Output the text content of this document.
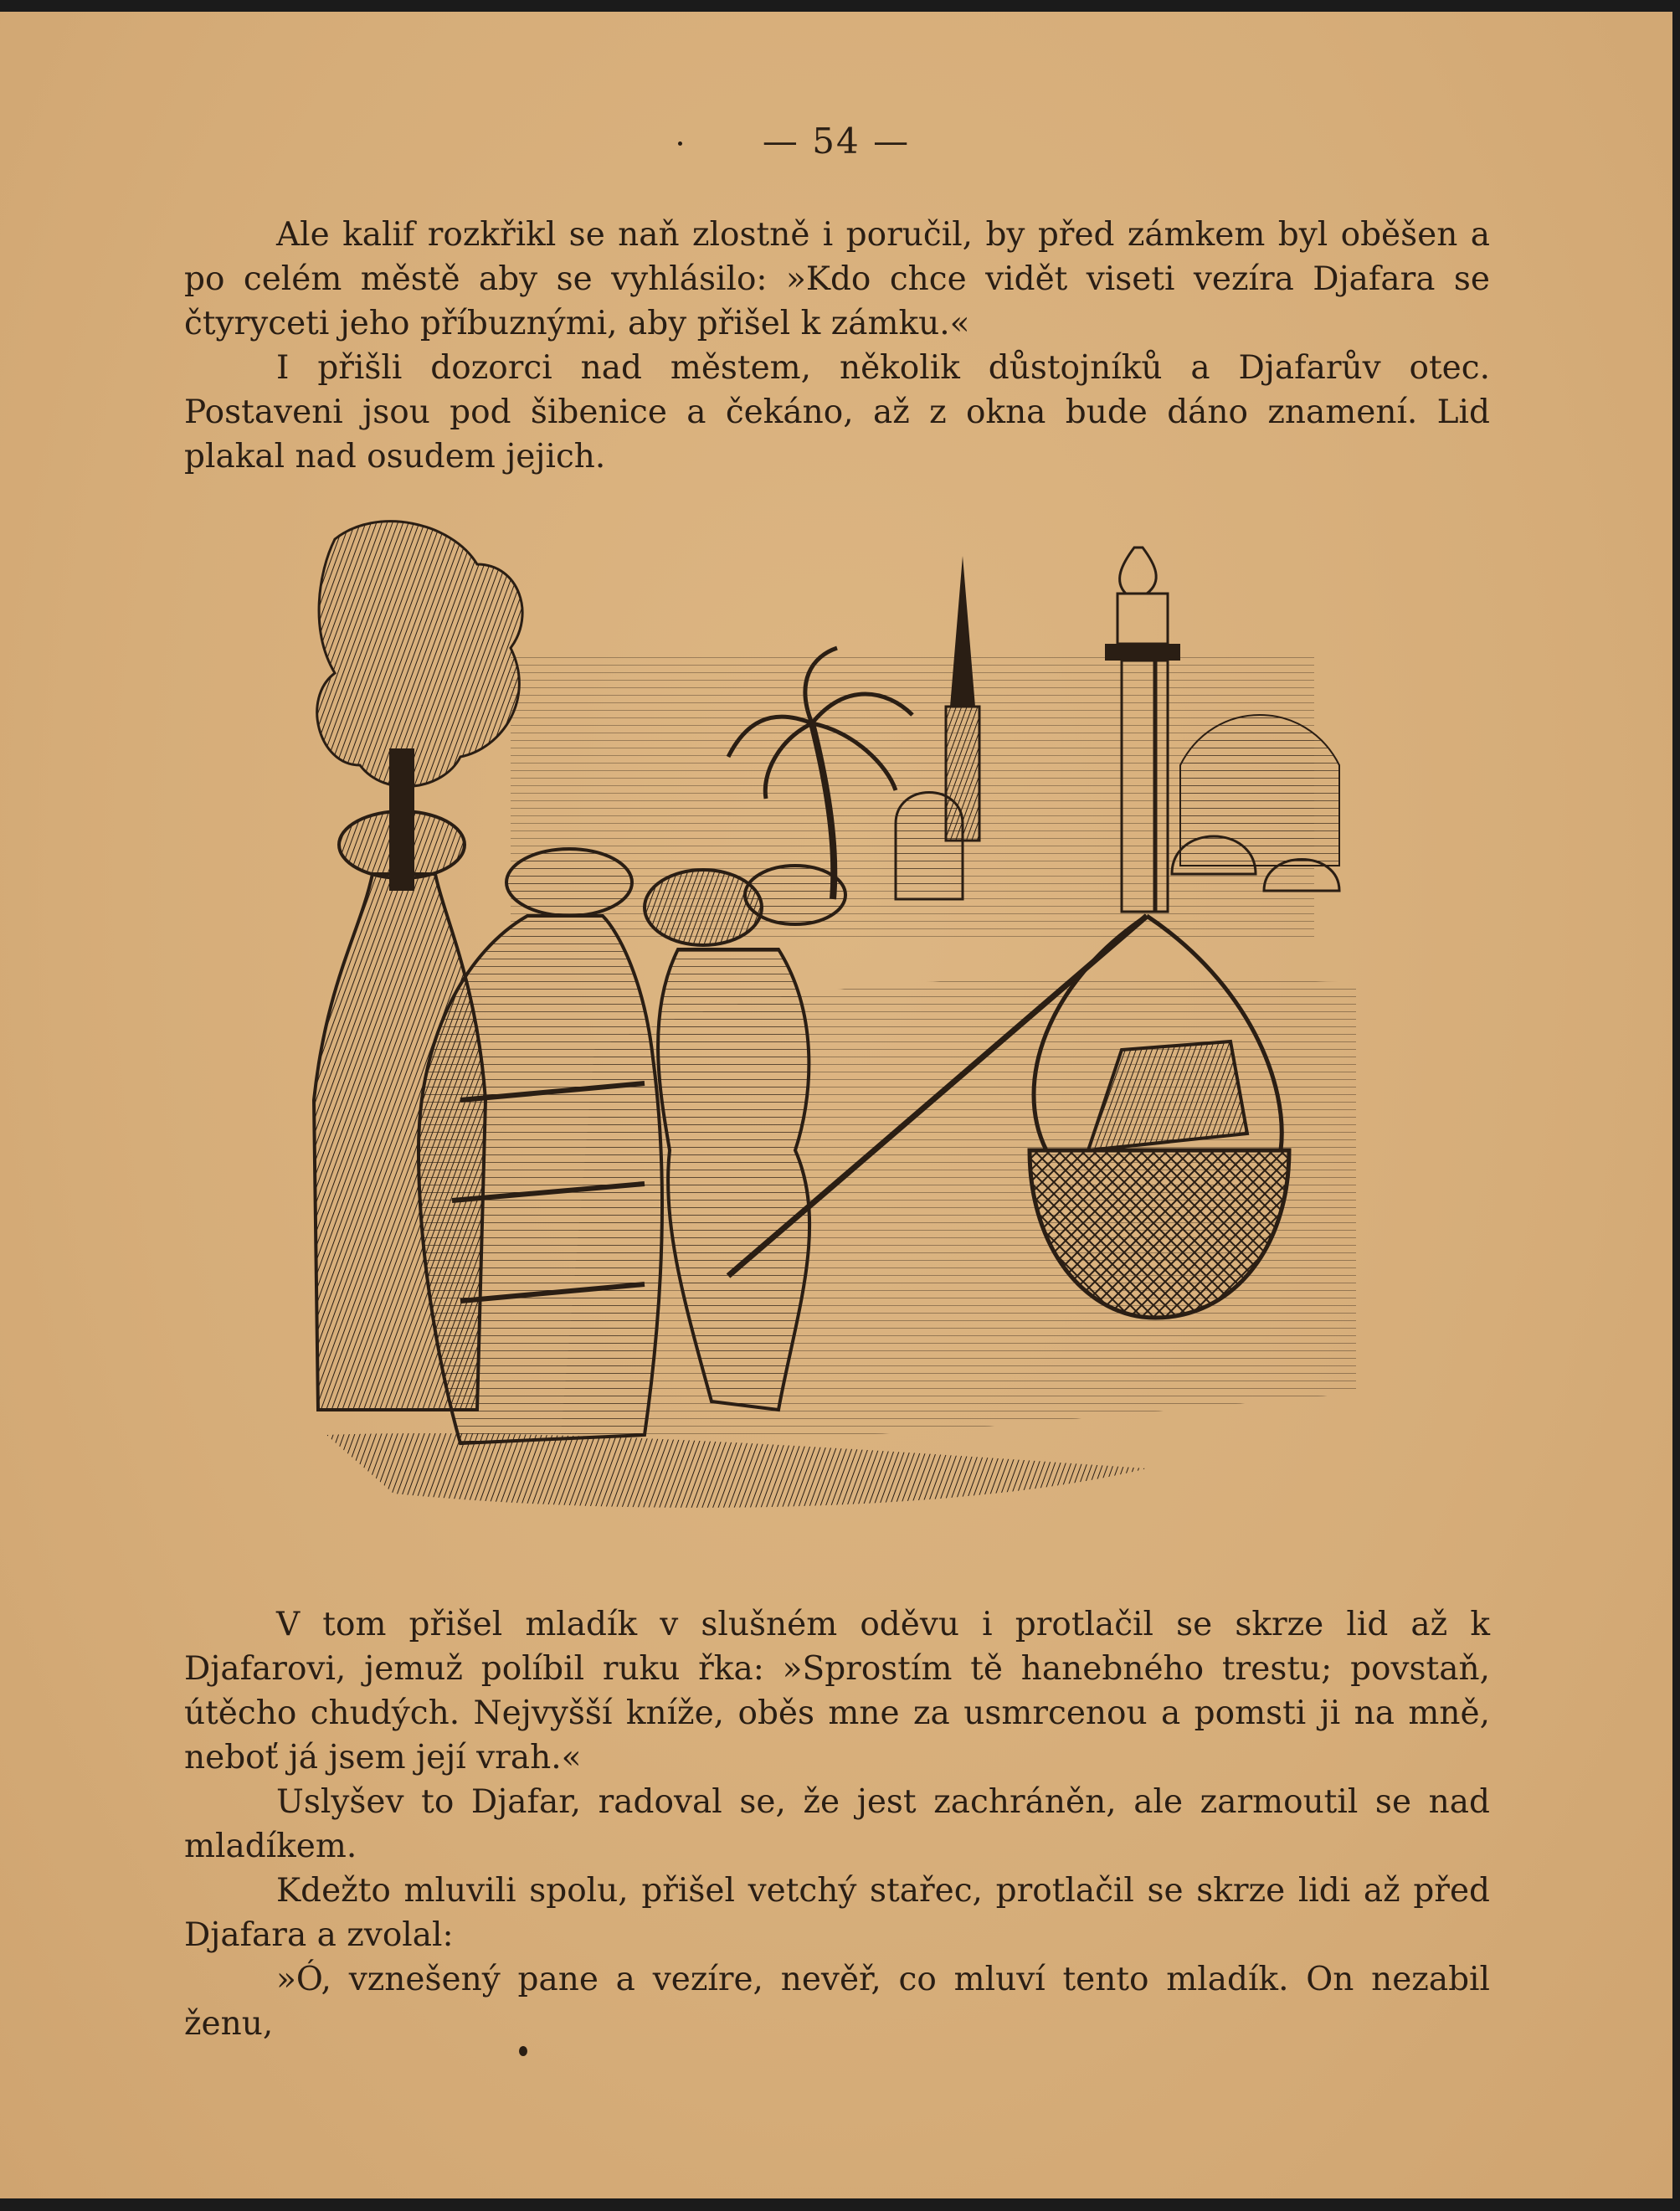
— 54 —

Ale kalif rozkřikl se naň zlostně i poručil, by před zámkem byl oběšen a po celém městě aby se vyhlásilo: »Kdo chce vidět viseti vezíra Djafara se čtyryceti jeho příbuznými, aby přišel k zámku.«

I přišli dozorci nad městem, několik důstojníků a Djafarův otec. Postaveni jsou pod šibenice a čekáno, až z okna bude dáno znamení. Lid plakal nad osudem jejich.

V tom přišel mladík v slušném oděvu i protlačil se skrze lid až k Djafarovi, jemuž políbil ruku řka: »Sprostím tě hanebného trestu; povstaň, útěcho chudých. Nejvyšší kníže, oběs mne za usmrcenou a pomsti ji na mně, neboť já jsem její vrah.«

Uslyšev to Djafar, radoval se, že jest zachráněn, ale zarmoutil se nad mladíkem.

Kdežto mluvili spolu, přišel vetchý stařec, protlačil se skrze lidi až před Djafara a zvolal:

»Ó, vznešený pane a vezíre, nevěř, co mluví tento mladík. On nezabil ženu,
